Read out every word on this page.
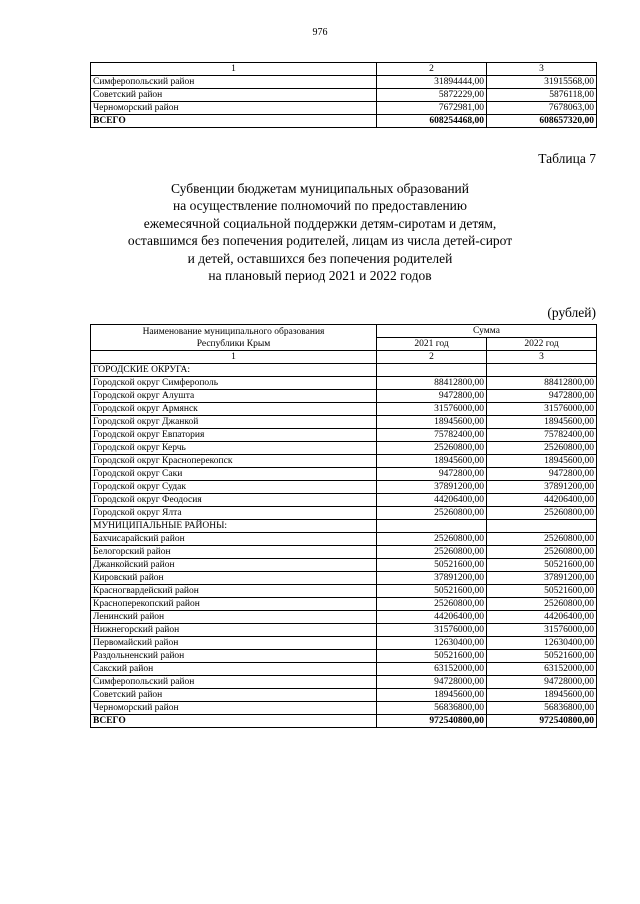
976
1	2	3
Симферопольский район	31894444,00	31915568,00
Советский район	5872229,00	5876118,00
Черноморский район	7672981,00	7678063,00
ВСЕГО	608254468,00	608657320,00
Таблица 7
Субвенции бюджетам муниципальных образований
на осуществление полномочий по предоставлению
ежемесячной социальной поддержки детям-сиротам и детям,
оставшимся без попечения родителей, лицам из числа детей-сирот
и детей, оставшихся без попечения родителей
на плановый период 2021 и 2022 годов
(рублей)
Наименование муниципального образования
Республики Крым	Сумма	
	2021 год	2022 год
1	2	3
ГОРОДСКИЕ ОКРУГА:		
Городской округ Симферополь	88412800,00	88412800,00
Городской округ Алушта	9472800,00	9472800,00
Городской округ Армянск	31576000,00	31576000,00
Городской округ Джанкой	18945600,00	18945600,00
Городской округ Евпатория	75782400,00	75782400,00
Городской округ Керчь	25260800,00	25260800,00
Городской округ Красноперекопск	18945600,00	18945600,00
Городской округ Саки	9472800,00	9472800,00
Городской округ Судак	37891200,00	37891200,00
Городской округ Феодосия	44206400,00	44206400,00
Городской округ Ялта	25260800,00	25260800,00
МУНИЦИПАЛЬНЫЕ РАЙОНЫ:		
Бахчисарайский район	25260800,00	25260800,00
Белогорский район	25260800,00	25260800,00
Джанкойский район	50521600,00	50521600,00
Кировский район	37891200,00	37891200,00
Красногвардейский район	50521600,00	50521600,00
Красноперекопский район	25260800,00	25260800,00
Ленинский район	44206400,00	44206400,00
Нижнегорский район	31576000,00	31576000,00
Первомайский район	12630400,00	12630400,00
Раздольненский район	50521600,00	50521600,00
Сакский район	63152000,00	63152000,00
Симферопольский район	94728000,00	94728000,00
Советский район	18945600,00	18945600,00
Черноморский район	56836800,00	56836800,00
ВСЕГО	972540800,00	972540800,00
